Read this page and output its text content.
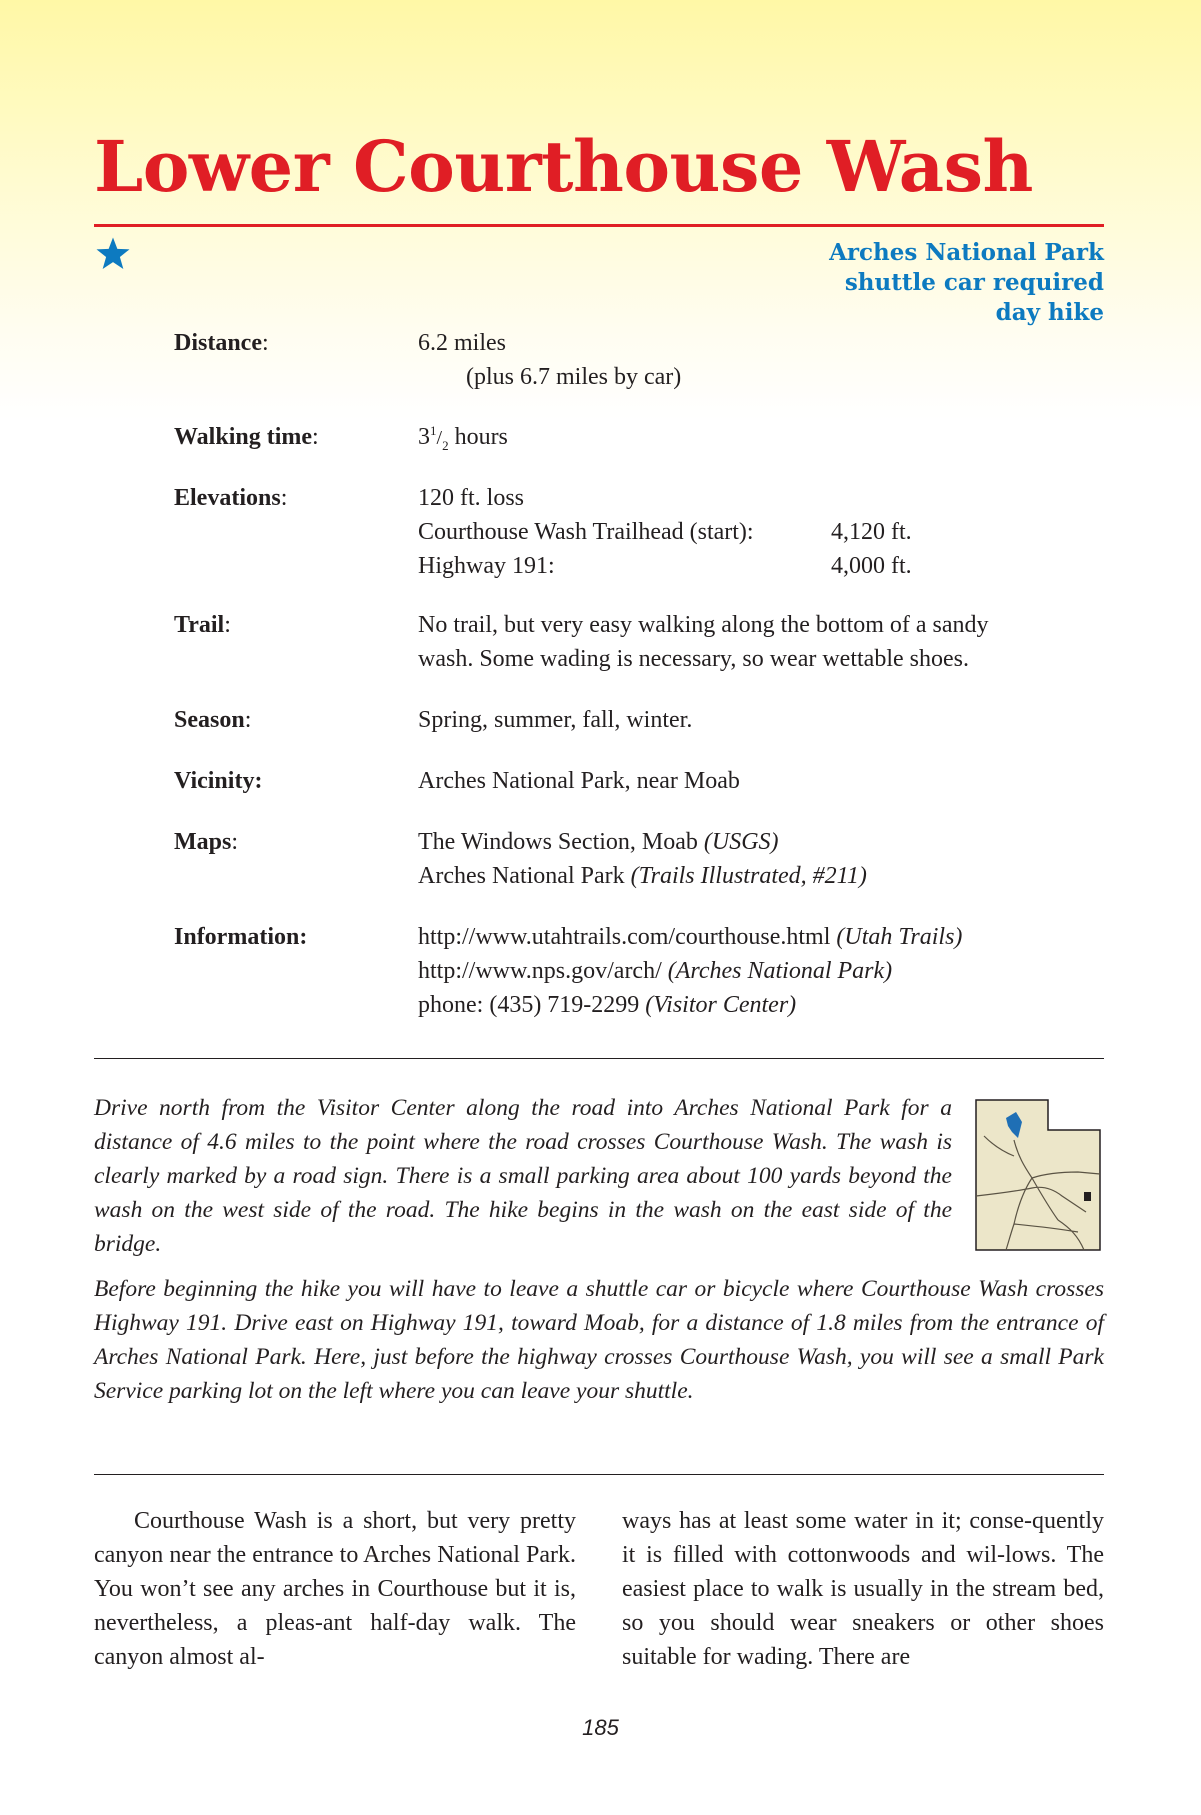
Lower Courthouse Wash
Arches National Park
shuttle car required
day hike
Distance:	6.2 miles
(plus 6.7 miles by car)
Walking time:	$3^1/_2$ hours
Elevations:	120 ft. loss
Courthouse Wash Trailhead (start):	4,120 ft.
Highway 191:	4,000 ft.
Trail:	No trail, but very easy walking along the bottom of a sandy
wash. Some wading is necessary, so wear wettable shoes.
Season:	Spring, summer, fall, winter.
Vicinity:	Arches National Park, near Moab
Maps:	The Windows Section, Moab (USGS)
Arches National Park (Trails Illustrated, #211)
Information:	http://www.utahtrails.com/courthouse.html (Utah Trails)
http://www.nps.gov/arch/ (Arches National Park)
phone: (435) 719-2299 (Visitor Center)

Drive north from the Visitor Center along the road into Arches National Park for a distance of 4.6 miles to the point where the road crosses Courthouse Wash. The wash is clearly marked by a road sign. There is a small parking area about 100 yards beyond the wash on the west side of the road. The hike begins in the wash on the east side of the bridge.

Before beginning the hike you will have to leave a shuttle car or bicycle where Courthouse Wash crosses Highway 191. Drive east on Highway 191, toward Moab, for a distance of 1.8 miles from the entrance of Arches National Park. Here, just before the highway crosses Courthouse Wash, you will see a small Park Service parking lot on the left where you can leave your shuttle.

Courthouse Wash is a short, but very pretty canyon near the entrance to Arches National Park. You won’t see any arches in Courthouse but it is, nevertheless, a pleas-ant half-day walk. The canyon almost al-

ways has at least some water in it; conse-quently it is filled with cottonwoods and wil-lows. The easiest place to walk is usually in the stream bed, so you should wear sneakers or other shoes suitable for wading. There are

185
